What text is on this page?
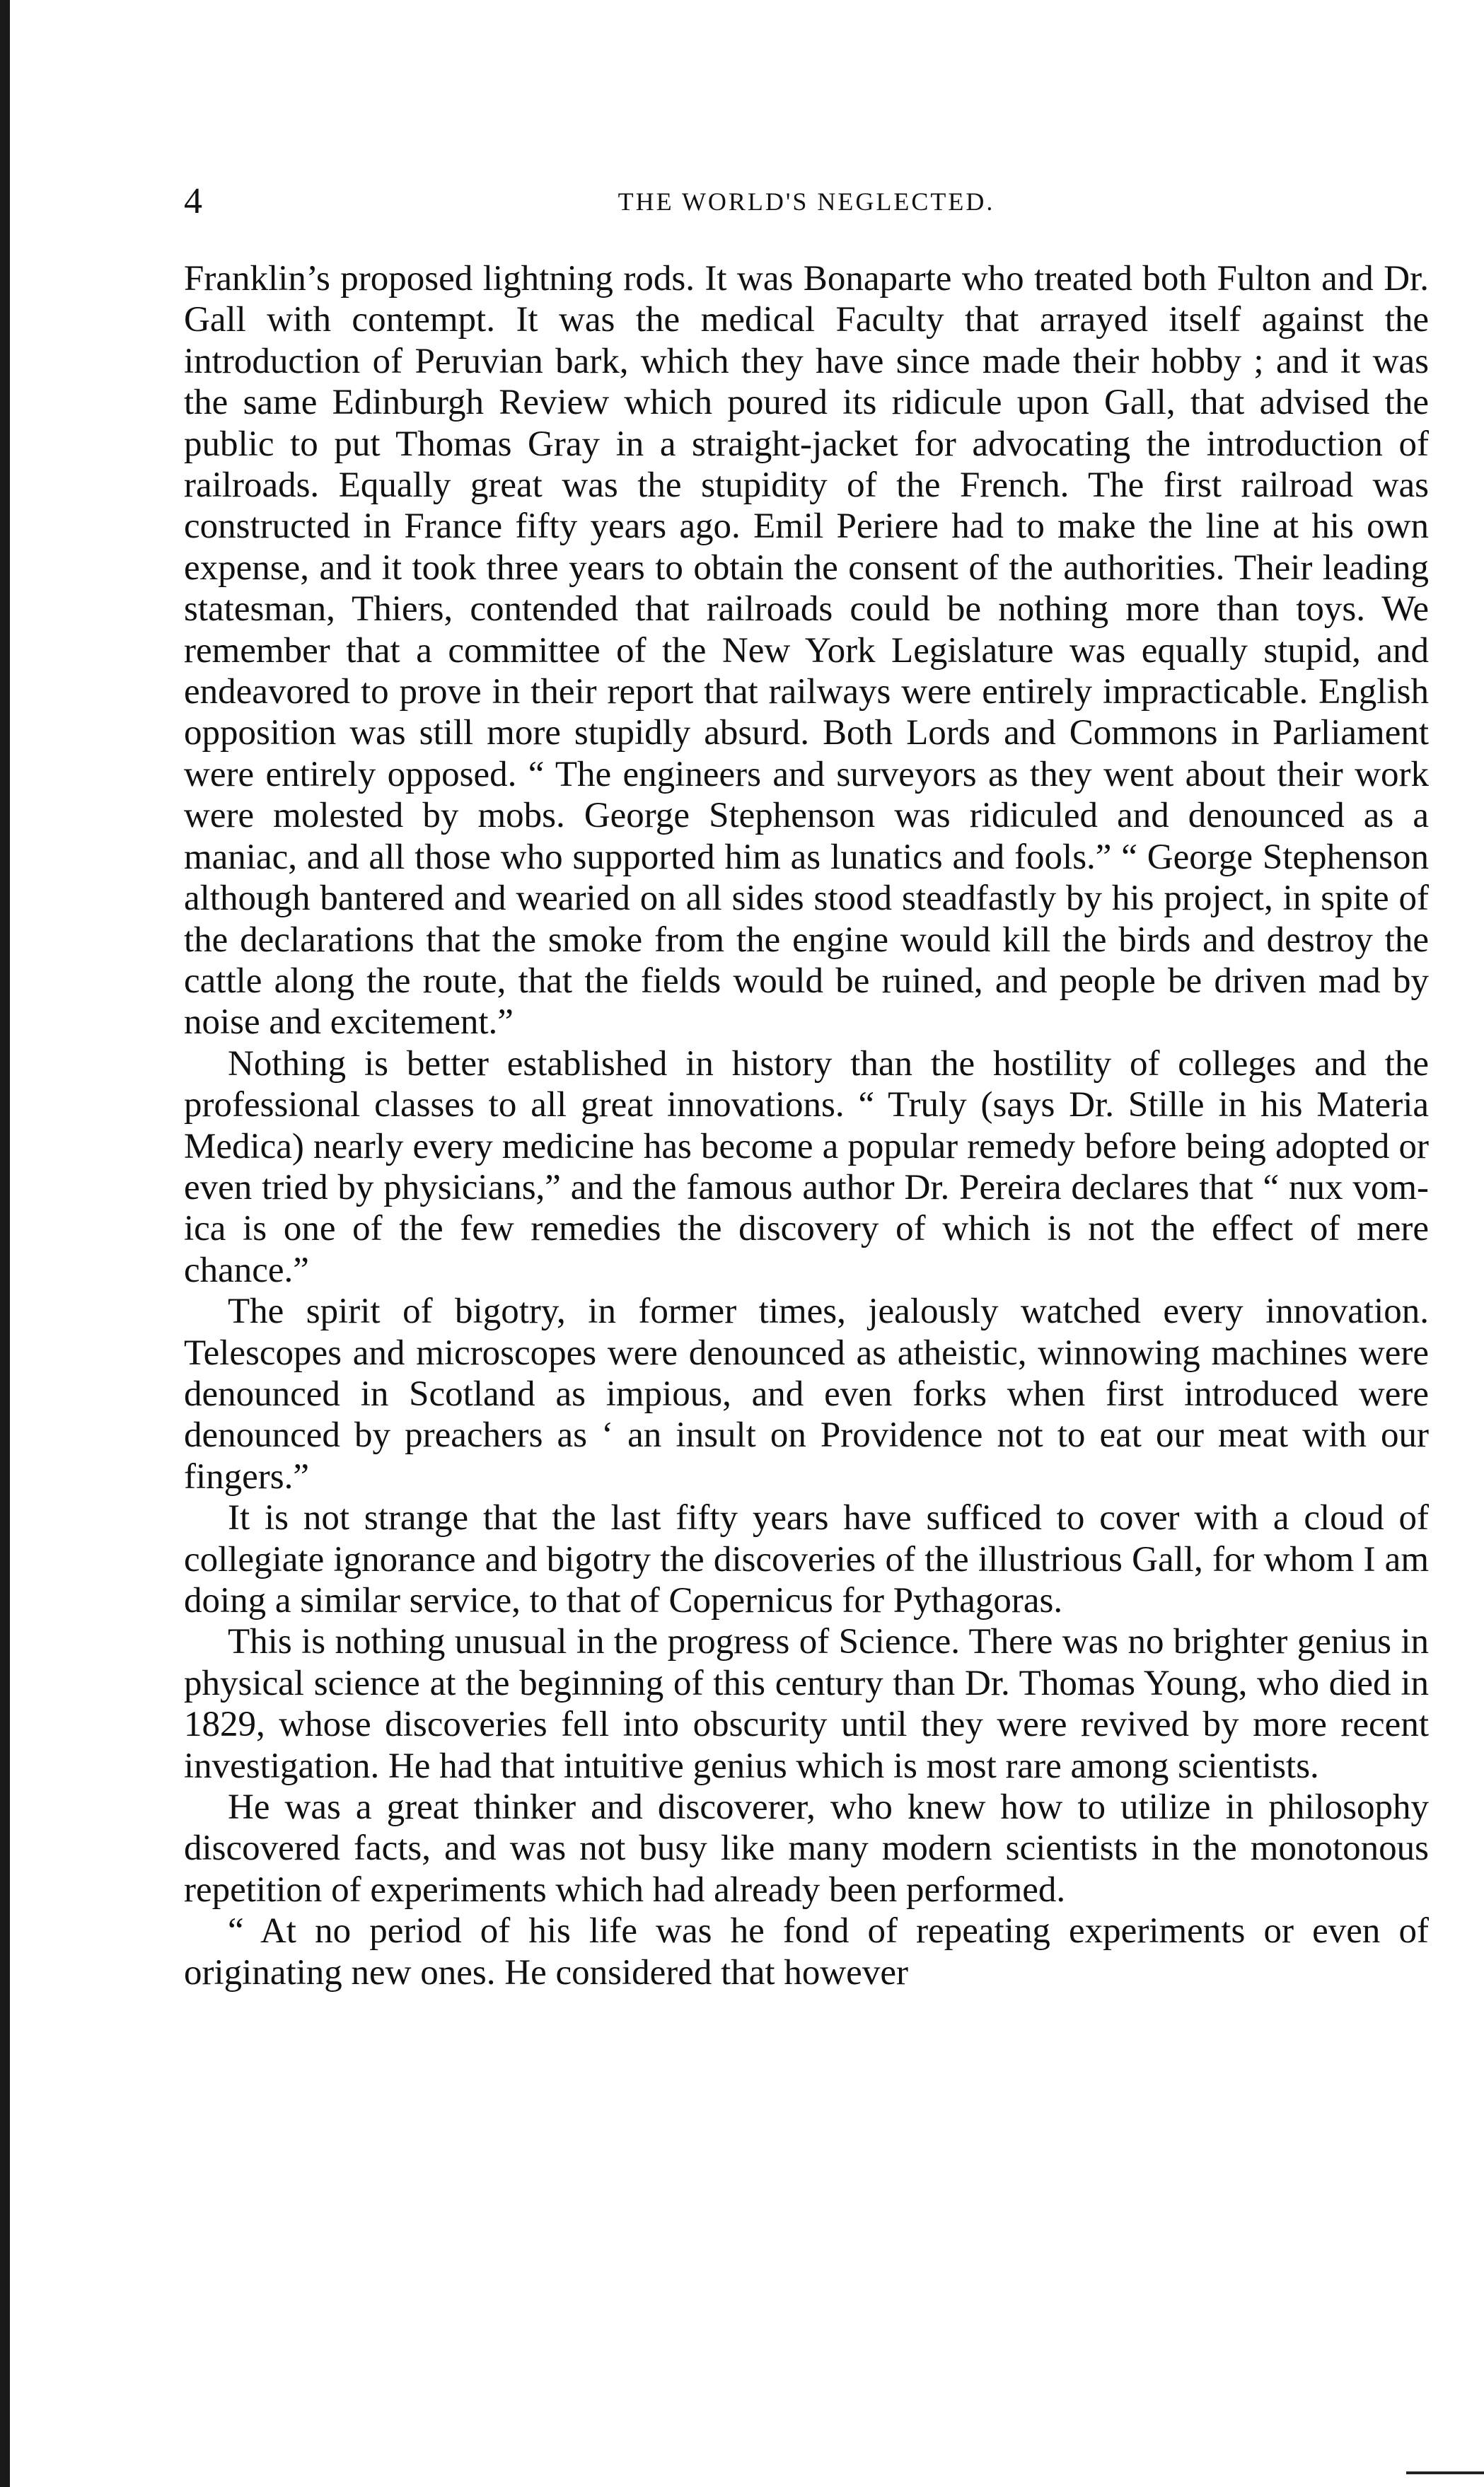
4	THE WORLD'S NEGLECTED.

Franklin’s proposed lightning rods. It was Bonaparte who treated both Fulton and Dr. Gall with contempt. It was the medical Faculty that arrayed itself against the introduction of Peruvian bark, which they have since made their hobby ; and it was the same Edinburgh Review which poured its ridicule upon Gall, that advised the public to put Thomas Gray in a straight-jacket for advocating the introduction of railroads. Equally great was the stupidity of the French. The first railroad was constructed in France fifty years ago. Emil Periere had to make the line at his own expense, and it took three years to obtain the consent of the authorities. Their leading statesman, Thiers, contended that railroads could be nothing more than toys. We remember that a committee of the New York Legislature was equally stupid, and endeavored to prove in their report that railways were entirely impracticable. English opposition was still more stupidly absurd. Both Lords and Commons in Parliament were entirely opposed. “ The engineers and surveyors as they went about their work were molested by mobs. George Stephenson was ridiculed and denounced as a maniac, and all those who supported him as lunatics and fools.” “ George Stephenson although bantered and wearied on all sides stood steadfastly by his project, in spite of the declarations that the smoke from the engine would kill the birds and destroy the cattle along the route, that the fields would be ruined, and people be driven mad by noise and excitement.”

Nothing is better established in history than the hostility of colleges and the professional classes to all great innovations. “ Truly (says Dr. Stille in his Materia Medica) nearly every medicine has become a popular remedy before being adopted or even tried by physicians,” and the famous author Dr. Pereira declares that “ nux vomica is one of the few remedies the discovery of which is not the effect of mere chance.”

The spirit of bigotry, in former times, jealously watched every innovation. Telescopes and microscopes were denounced as atheistic, winnowing machines were denounced in Scotland as impious, and even forks when first introduced were denounced by preachers as ‘ an insult on Providence not to eat our meat with our fingers.”

It is not strange that the last fifty years have sufficed to cover with a cloud of collegiate ignorance and bigotry the discoveries of the illustrious Gall, for whom I am doing a similar service, to that of Copernicus for Pythagoras.

This is nothing unusual in the progress of Science. There was no brighter genius in physical science at the beginning of this century than Dr. Thomas Young, who died in 1829, whose discoveries fell into obscurity until they were revived by more recent investigation. He had that intuitive genius which is most rare among scientists.

He was a great thinker and discoverer, who knew how to utilize in philosophy discovered facts, and was not busy like many modern scientists in the monotonous repetition of experiments which had already been performed.

“ At no period of his life was he fond of repeating experiments or even of originating new ones. He considered that however
